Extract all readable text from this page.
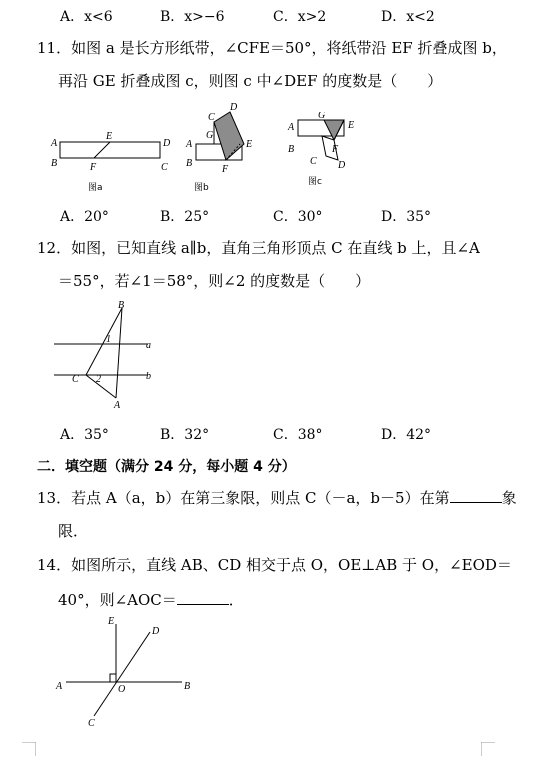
A．x<6	B．x>−6	C．x>2	D．x<2
11．如图 a 是长方形纸带，∠CFE＝50°，将纸带沿 EF 折叠成图 b，
再沿 GE 折叠成图 c，则图 c 中∠DEF 的度数是（　　）
A
E
D
B	F	C
图a
C
D
G
A	E
B
F
图b
A
G
E
B	F
C D
图c
A．20°	B．25°	C．30°	D．35°
12．如图，已知直线 a∥b，直角三角形顶点 C 在直线 b 上，且∠A
＝55°，若∠1＝58°，则∠2 的度数是（　　）
B
1
a
C 2	b
A
A．35°	B．32°	C．38°	D．42°
二．填空题（满分 24 分，每小题 4 分）
13．若点 A（a，b）在第三象限，则点 C（－a，b－5）在第	象
限．
14．如图所示，直线 AB、CD 相交于点 O，OE⊥AB 于 O，∠EOD＝
40°，则∠AOC＝	．
E
D
A	O	B
C
